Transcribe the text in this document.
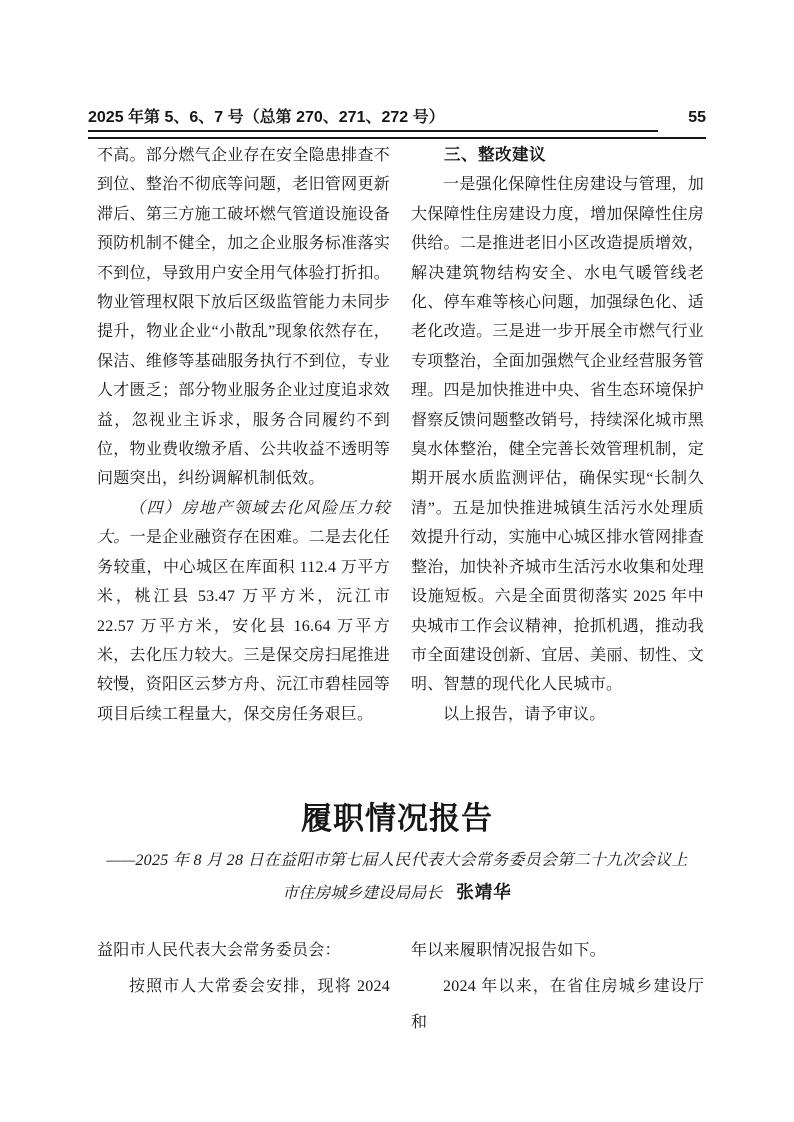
2025 年第 5、6、7 号（总第 270、271、272 号）	55

不高。部分燃气企业存在安全隐患排查不到位、整治不彻底等问题，老旧管网更新滞后、第三方施工破坏燃气管道设施设备预防机制不健全，加之企业服务标准落实不到位，导致用户安全用气体验打折扣。物业管理权限下放后区级监管能力未同步提升，物业企业“小散乱”现象依然存在，保洁、维修等基础服务执行不到位，专业人才匮乏；部分物业服务企业过度追求效益，忽视业主诉求，服务合同履约不到位，物业费收缴矛盾、公共收益不透明等问题突出，纠纷调解机制低效。

（四）房地产领域去化风险压力较大。一是企业融资存在困难。二是去化任务较重，中心城区在库面积 112.4 万平方米，桃江县 53.47 万平方米，沅江市 22.57 万平方米，安化县 16.64 万平方米，去化压力较大。三是保交房扫尾推进较慢，资阳区云梦方舟、沅江市碧桂园等项目后续工程量大，保交房任务艰巨。

三、整改建议

一是强化保障性住房建设与管理，加大保障性住房建设力度，增加保障性住房供给。二是推进老旧小区改造提质增效，解决建筑物结构安全、水电气暖管线老化、停车难等核心问题，加强绿色化、适老化改造。三是进一步开展全市燃气行业专项整治，全面加强燃气企业经营服务管理。四是加快推进中央、省生态环境保护督察反馈问题整改销号，持续深化城市黑臭水体整治，健全完善长效管理机制，定期开展水质监测评估，确保实现“长制久清”。五是加快推进城镇生活污水处理质效提升行动，实施中心城区排水管网排查整治，加快补齐城市生活污水收集和处理设施短板。六是全面贯彻落实 2025 年中央城市工作会议精神，抢抓机遇，推动我市全面建设创新、宜居、美丽、韧性、文明、智慧的现代化人民城市。

以上报告，请予审议。

履职情况报告

——2025 年 8 月 28 日在益阳市第七届人民代表大会常务委员会第二十九次会议上

市住房城乡建设局局长 张靖华

益阳市人民代表大会常务委员会：

按照市人大常委会安排，现将 2024

年以来履职情况报告如下。

2024 年以来，在省住房城乡建设厅和
